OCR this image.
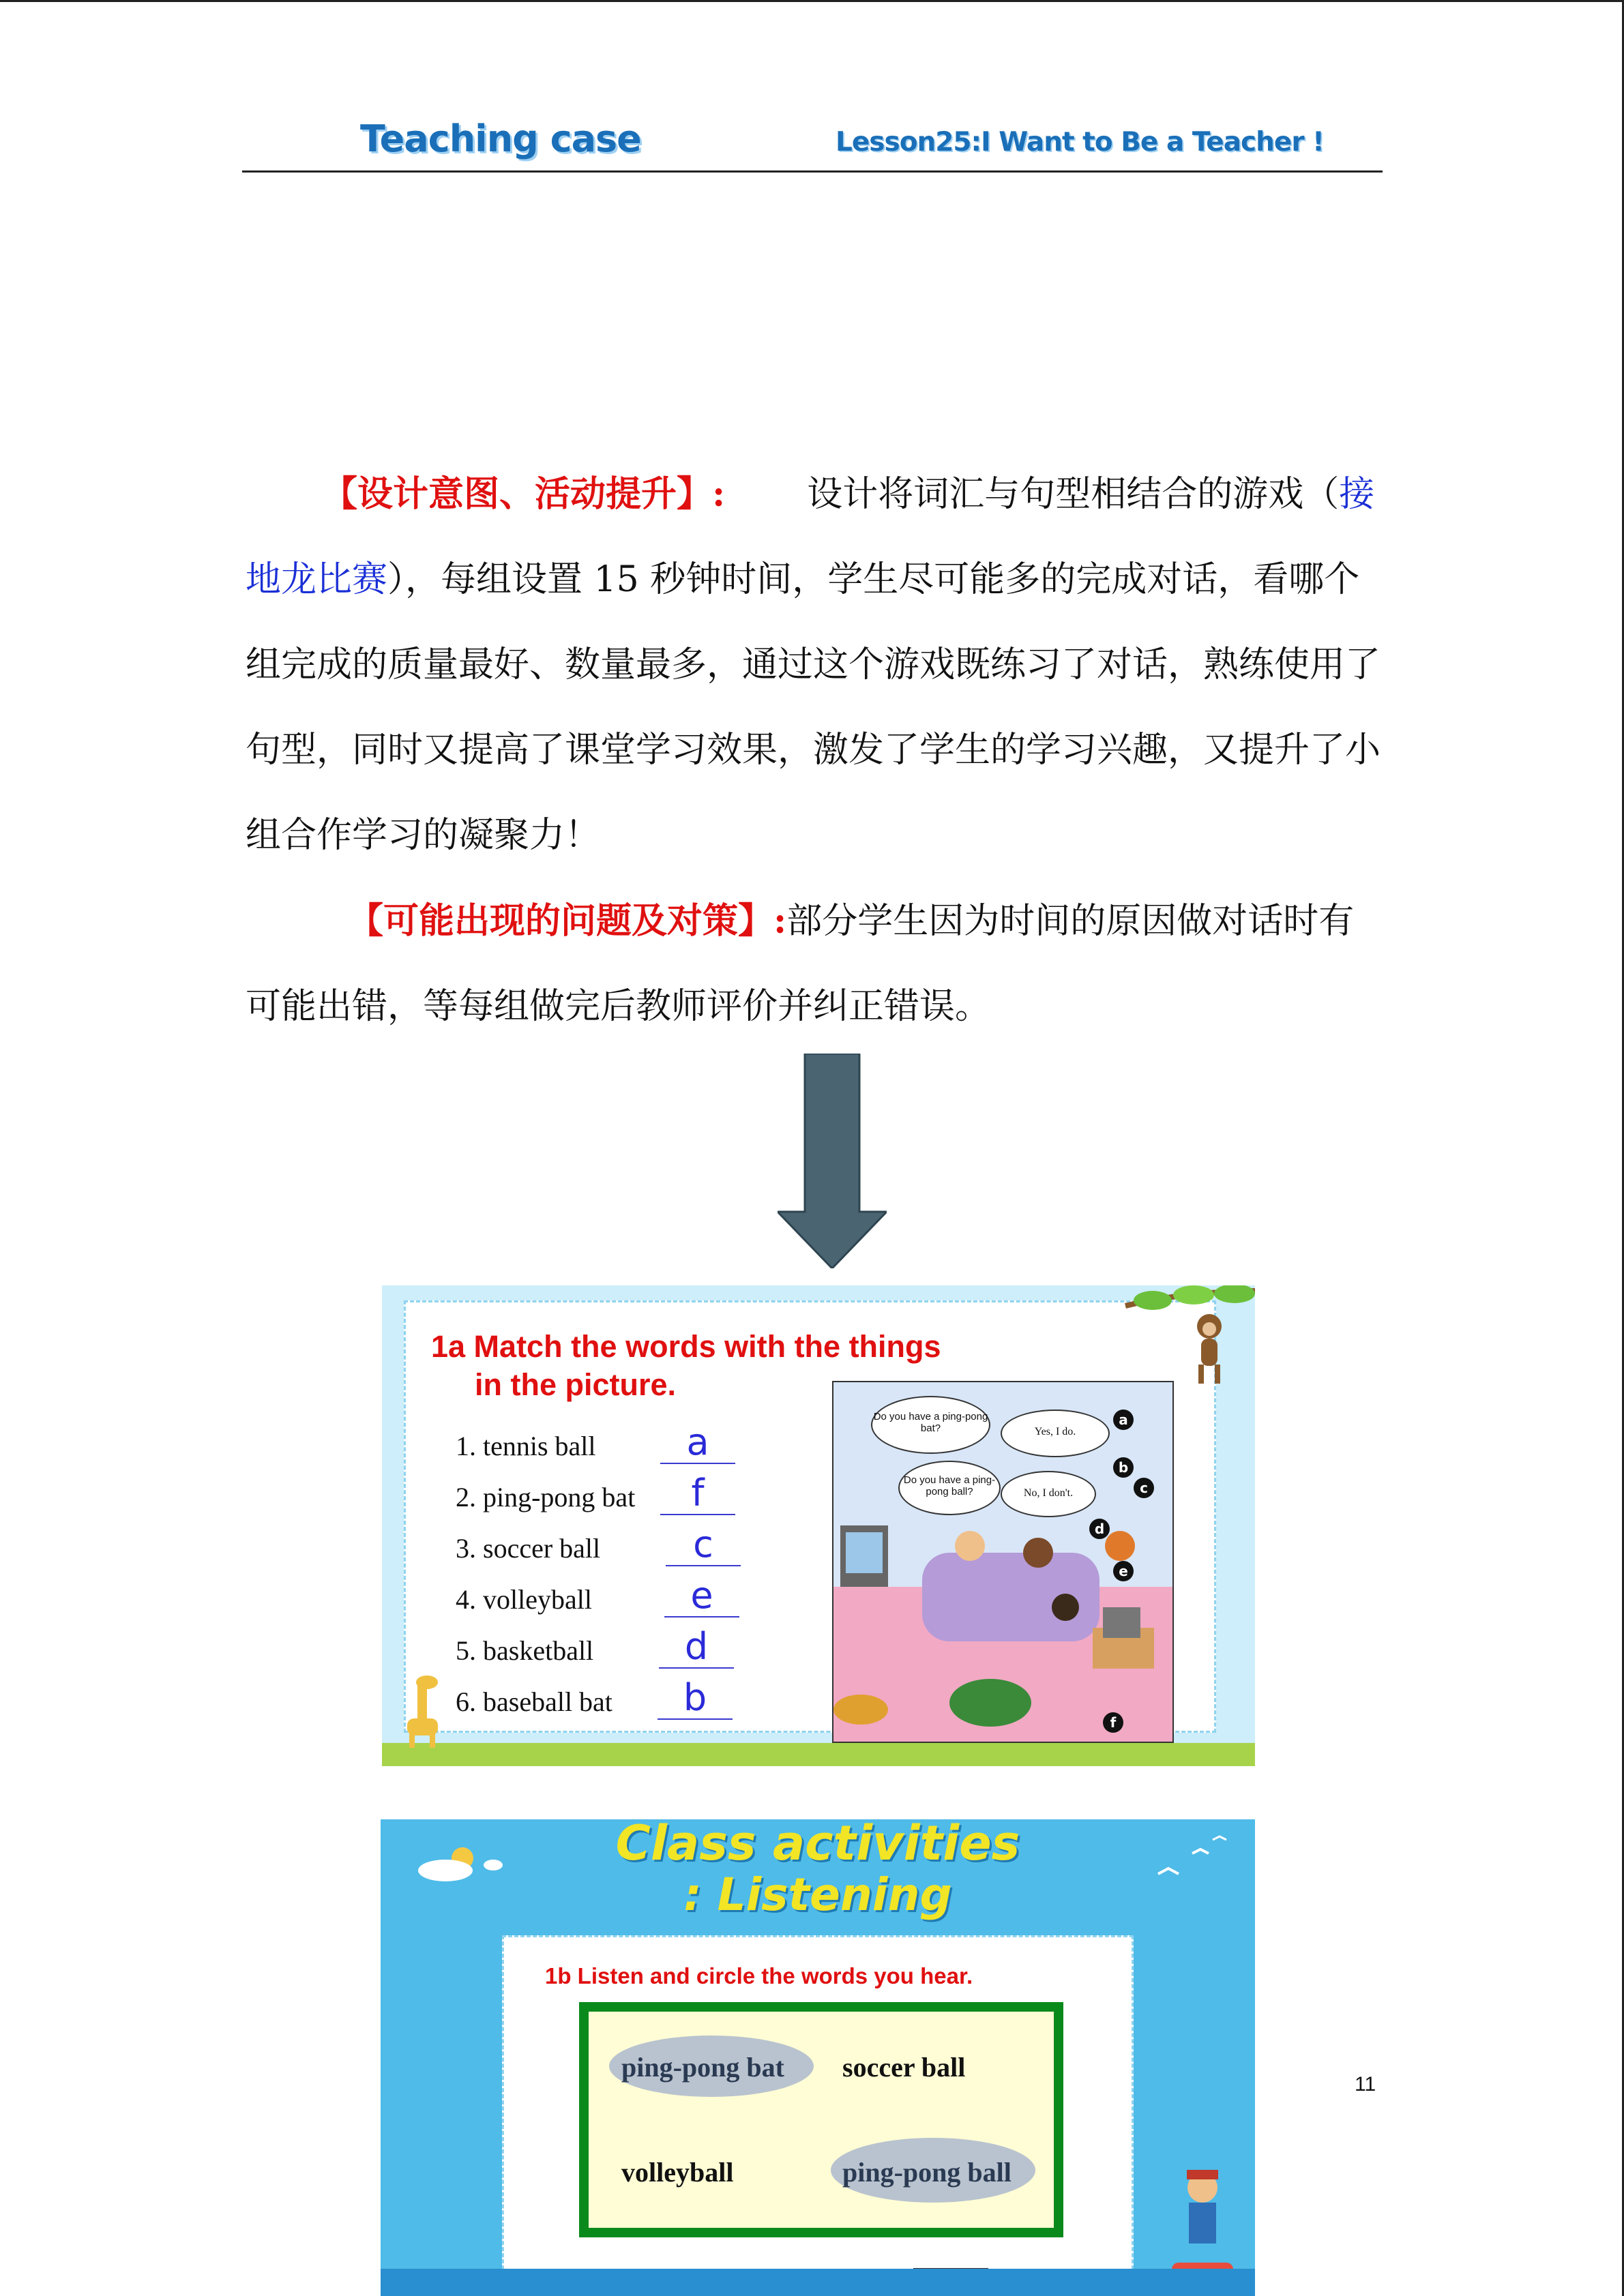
Teaching case	Lesson25:I Want to Be a Teacher !

【设计意图、活动提升】: 设计将词汇与句型相结合的游戏（接地龙比赛），每组设置 15 秒钟时间，学生尽可能多的完成对话，看哪个组完成的质量最好、数量最多，通过这个游戏既练习了对话，熟练使用了句型，同时又提高了课堂学习效果，激发了学生的学习兴趣，又提升了小组合作学习的凝聚力！

【可能出现的问题及对策】:部分学生因为时间的原因做对话时有可能出错，等每组做完后教师评价并纠正错误。

1a Match the words with the things
in the picture.
1. tennis ball	a
2. ping-pong bat	f
3. soccer ball	c
4. volleyball	e
5. basketball	d
6. baseball bat	b
Do you have a ping-pong bat?	Yes, I do.
Do you have a ping-pong ball?	No, I don't.
a
b
c
d
e
f
Class activities
: Listening
1b Listen and circle the words you hear.
ping-pong bat soccer ball
volleyball	ping-pong ball
11
